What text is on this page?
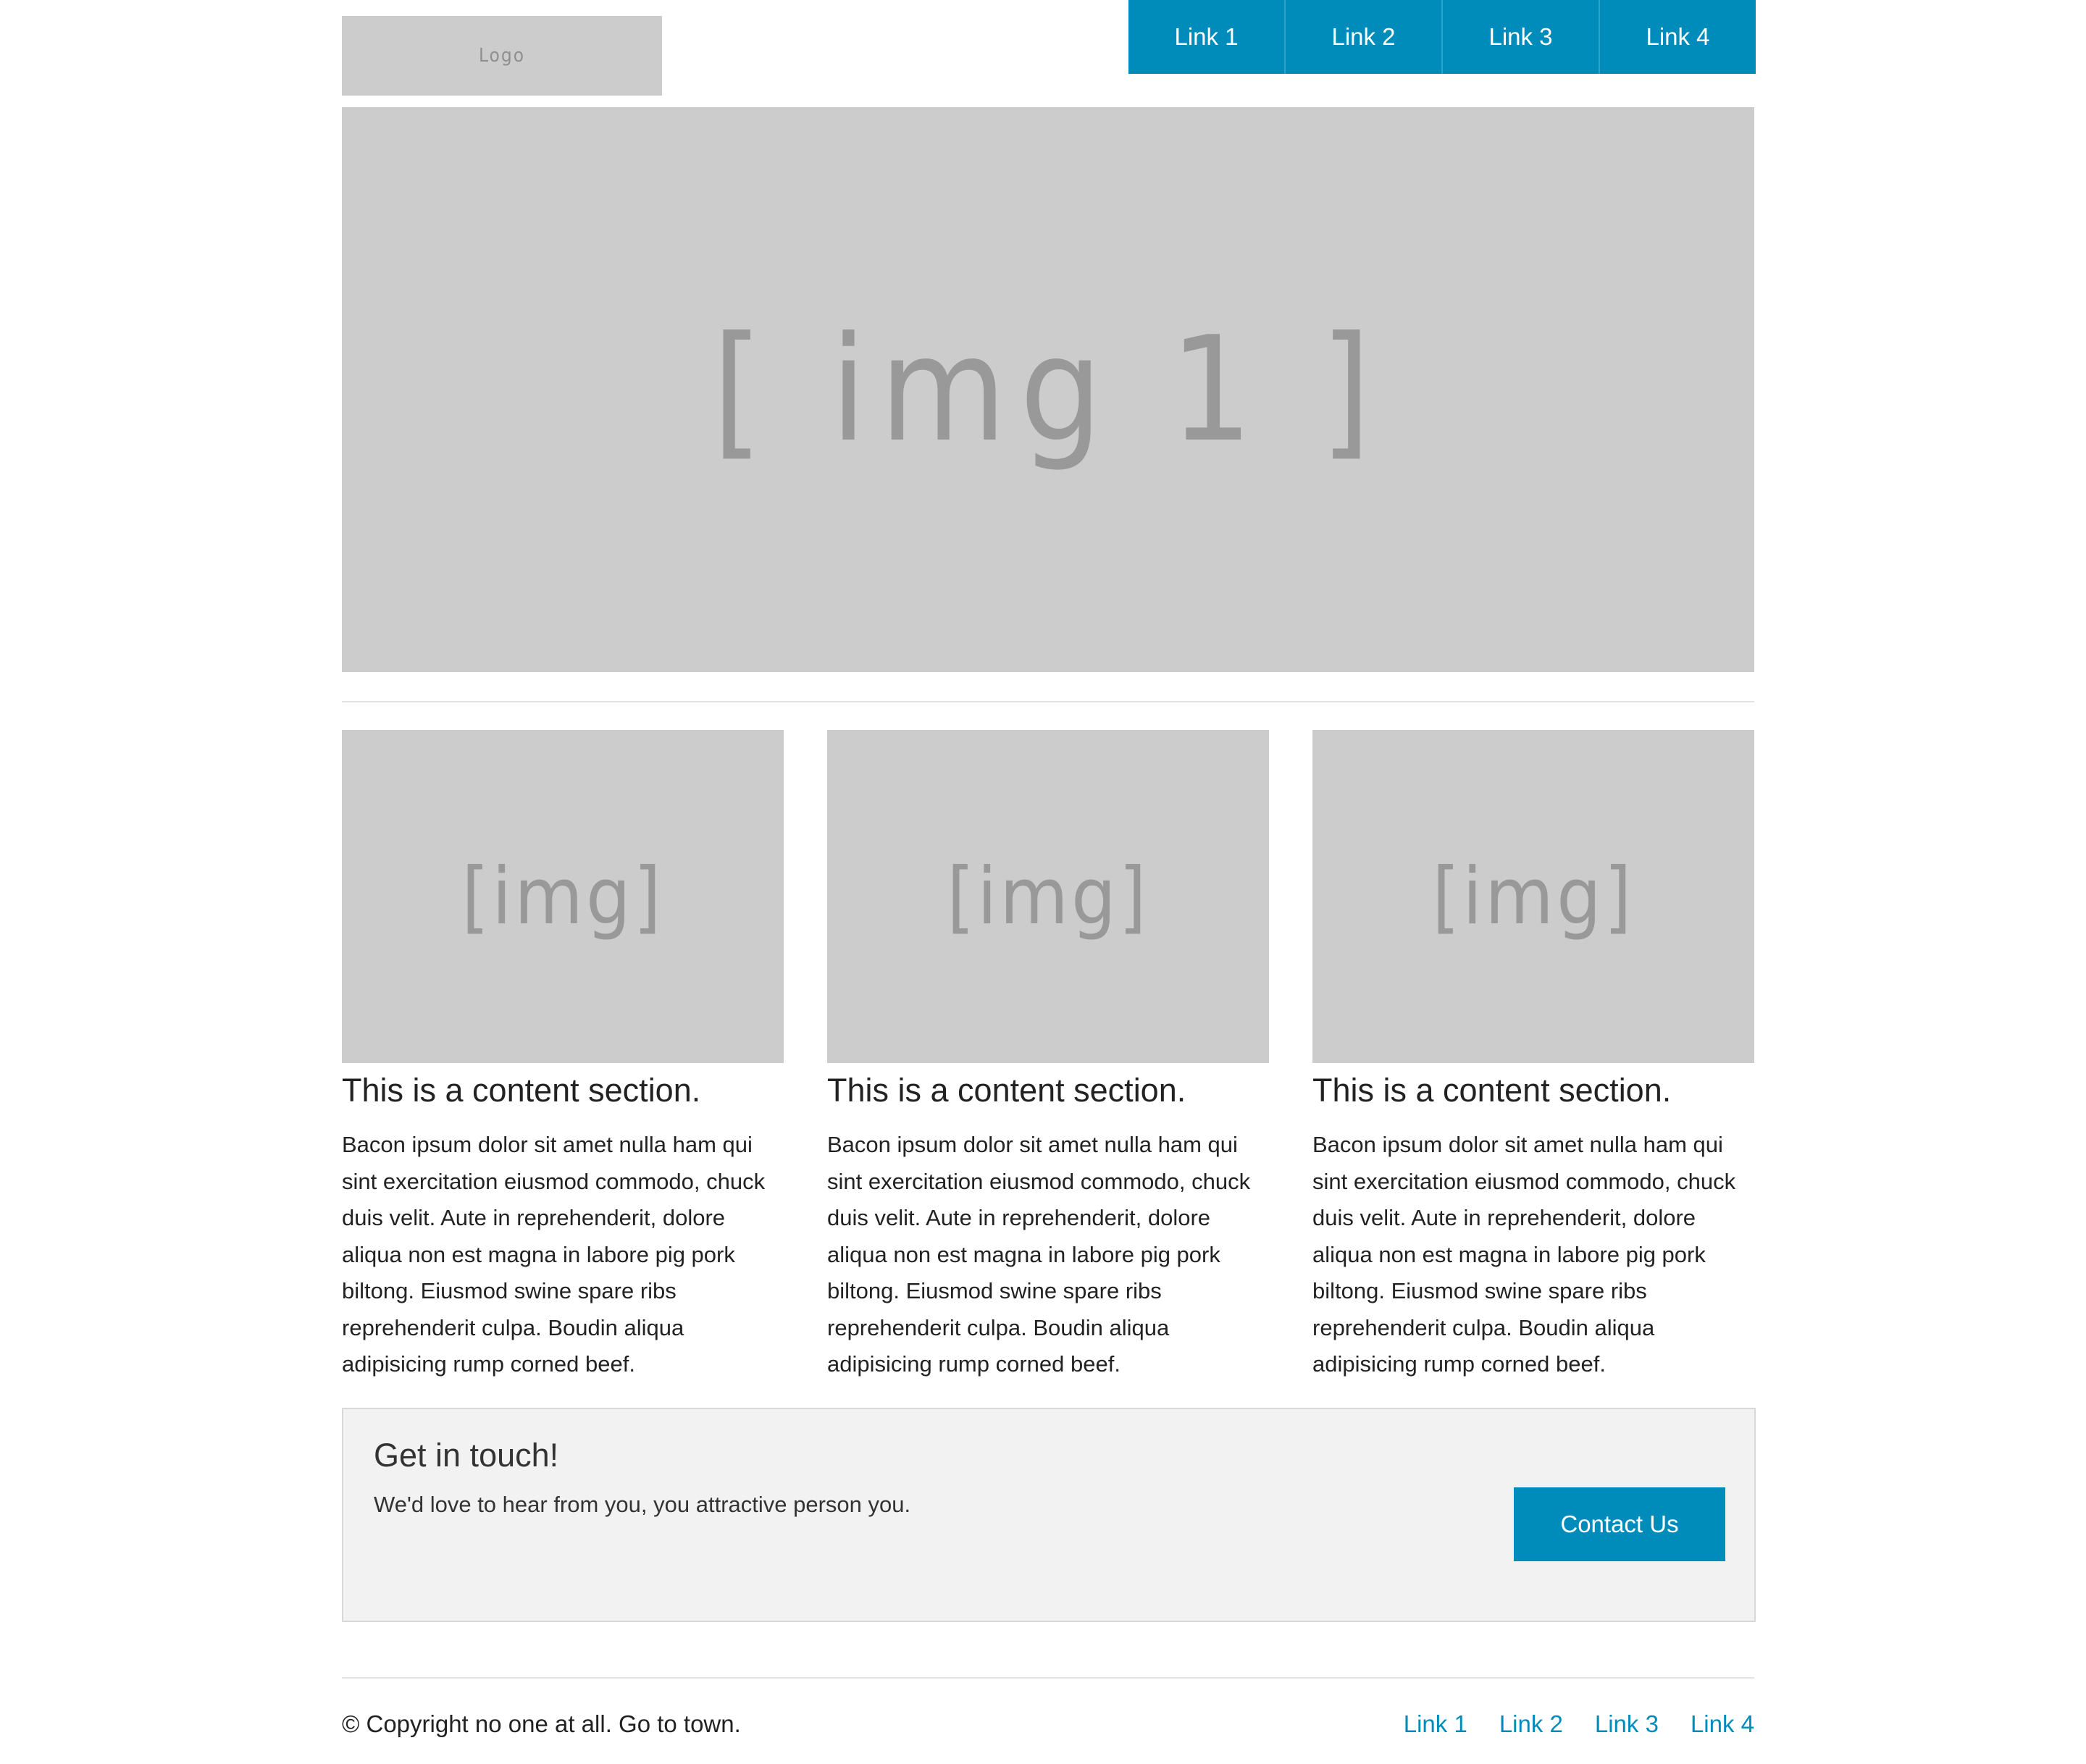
Logo
Link 1	Link 2	Link 3	Link 4
[ img 1 ]
[img]
This is a content section.

Bacon ipsum dolor sit amet nulla ham qui sint exercitation eiusmod commodo, chuck duis velit. Aute in reprehenderit, dolore aliqua non est magna in labore pig pork biltong. Eiusmod swine spare ribs reprehenderit culpa. Boudin aliqua adipisicing rump corned beef.

[img]
This is a content section.

Bacon ipsum dolor sit amet nulla ham qui sint exercitation eiusmod commodo, chuck duis velit. Aute in reprehenderit, dolore aliqua non est magna in labore pig pork biltong. Eiusmod swine spare ribs reprehenderit culpa. Boudin aliqua adipisicing rump corned beef.

[img]
This is a content section.

Bacon ipsum dolor sit amet nulla ham qui sint exercitation eiusmod commodo, chuck duis velit. Aute in reprehenderit, dolore aliqua non est magna in labore pig pork biltong. Eiusmod swine spare ribs reprehenderit culpa. Boudin aliqua adipisicing rump corned beef.

Get in touch!

We'd love to hear from you, you attractive person you.

Contact Us
© Copyright no one at all. Go to town.	Link 1 Link 2 Link 3 Link 4
